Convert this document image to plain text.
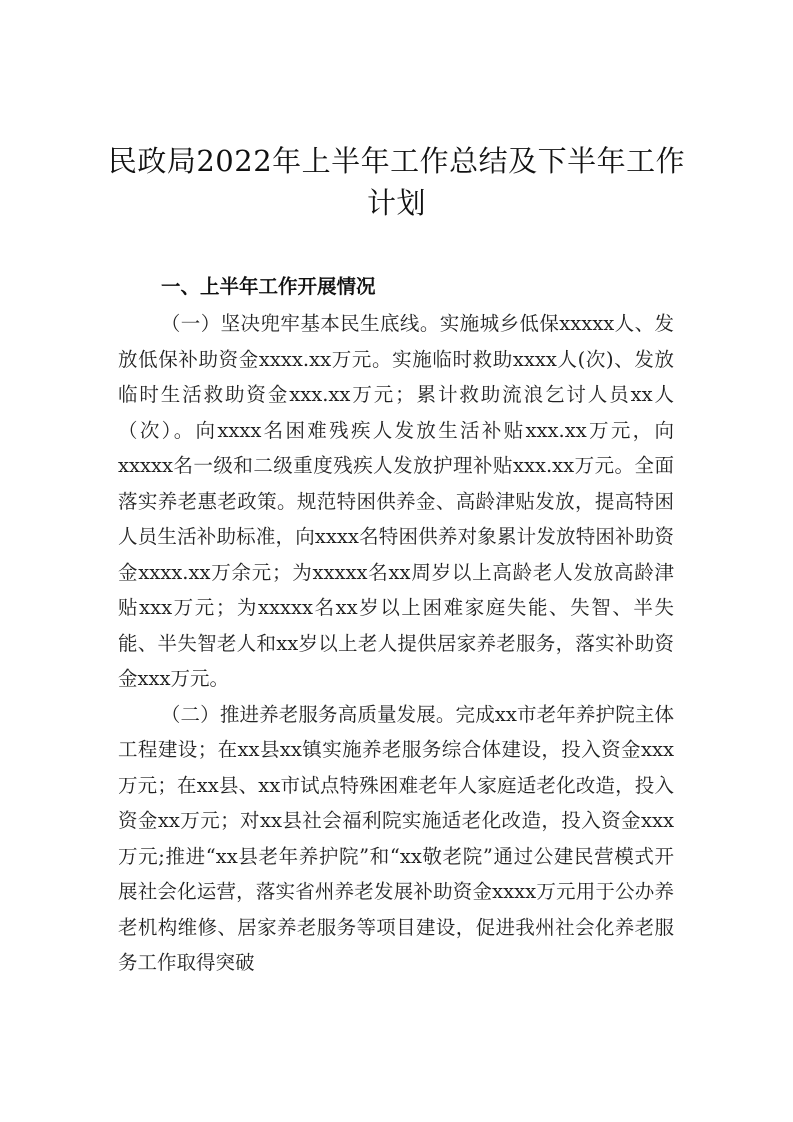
民政局2022年上半年工作总结及下半年工作计划
一、上半年工作开展情况

（一）坚决兜牢基本民生底线。实施城乡低保xxxxx人、发放低保补助资金xxxx.xx万元。实施临时救助xxxx人(次)、发放临时生活救助资金xxx.xx万元；累计救助流浪乞讨人员xx人（次）。向xxxx名困难残疾人发放生活补贴xxx.xx万元，向xxxxx名一级和二级重度残疾人发放护理补贴xxx.xx万元。全面落实养老惠老政策。规范特困供养金、高龄津贴发放，提高特困人员生活补助标准，向xxxx名特困供养对象累计发放特困补助资金xxxx.xx万余元；为xxxxx名xx周岁以上高龄老人发放高龄津贴xxx万元；为xxxxx名xx岁以上困难家庭失能、失智、半失能、半失智老人和xx岁以上老人提供居家养老服务，落实补助资金xxx万元。

（二）推进养老服务高质量发展。完成xx市老年养护院主体工程建设；在xx县xx镇实施养老服务综合体建设，投入资金xxx万元；在xx县、xx市试点特殊困难老年人家庭适老化改造，投入资金xx万元；对xx县社会福利院实施适老化改造，投入资金xxx万元;推进“xx县老年养护院”和“xx敬老院”通过公建民营模式开展社会化运营，落实省州养老发展补助资金xxxx万元用于公办养老机构维修、居家养老服务等项目建设，促进我州社会化养老服务工作取得突破
